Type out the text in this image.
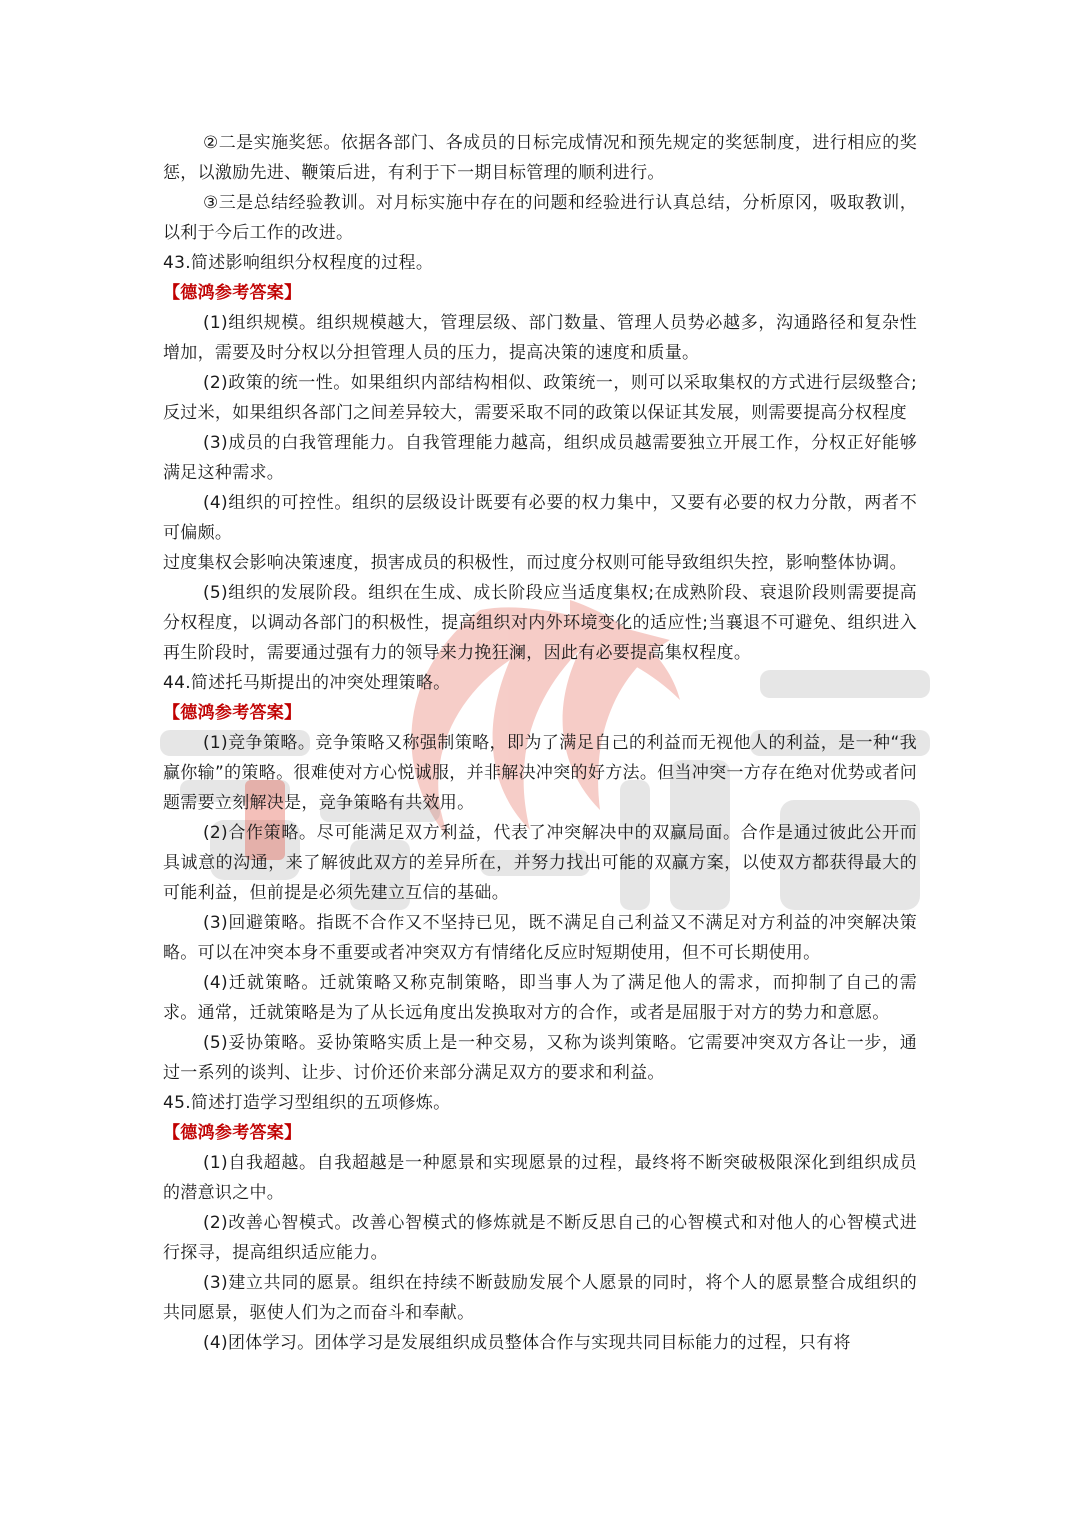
②二是实施奖惩。依据各部门、各成员的日标完成情况和预先规定的奖惩制度，进行相应的奖惩，以激励先进、鞭策后进，有利于下一期目标管理的顺利进行。

③三是总结经验教训。对月标实施中存在的问题和经验进行认真总结，分析原冈，吸取教训，以利于今后工作的改进。

43.简述影响组织分权程度的过程。

【德鸿参考答案】

(1)组织规模。组织规模越大，管理层级、部门数量、管理人员势必越多，沟通路径和复杂性增加，需要及时分权以分担管理人员的压力，提高决策的速度和质量。

(2)政策的统一性。如果组织内部结构相似、政策统一，则可以采取集权的方式进行层级整合;反过米，如果组织各部门之间差异较大，需要采取不同的政策以保证其发展，则需要提高分权程度

(3)成员的白我管理能力。自我管理能力越高，组织成员越需要独立开展工作，分权正好能够满足这种需求。

(4)组织的可控性。组织的层级设计既要有必要的权力集中，又要有必要的权力分散，两者不可偏颇。

过度集权会影响决策速度，损害成员的积极性，而过度分权则可能导致组织失控，影响整体协调。

(5)组织的发展阶段。组织在生成、成长阶段应当适度集权;在成熟阶段、衰退阶段则需要提高分权程度，以调动各部门的积极性，提高组织对内外环境变化的适应性;当襄退不可避免、组织进入再生阶段时，需要通过强有力的领导来力挽狂澜，因此有必要提高集权程度。

44.简述托马斯提出的冲突处理策略。

【德鸿参考答案】

(1)竞争策略。竞争策略又称强制策略，即为了满足自己的利益而无视他人的利益，是一种“我赢你输”的策略。很难使对方心悦诚服，并非解决冲突的好方法。但当冲突一方存在绝对优势或者问题需要立刻解决是，竞争策略有共效用。

(2)合作策略。尽可能满足双方利益，代表了冲突解决中的双赢局面。合作是通过彼此公开而具诚意的沟通，来了解彼此双方的差异所在，并努力找出可能的双赢方案，以使双方都获得最大的可能利益，但前提是必须先建立互信的基础。

(3)回避策略。指既不合作又不坚持已见，既不满足自己利益又不满足对方利益的冲突解决策略。可以在冲突本身不重要或者冲突双方有情绪化反应时短期使用，但不可长期使用。

(4)迁就策略。迁就策略又称克制策略，即当事人为了满足他人的需求，而抑制了自己的需求。通常，迁就策略是为了从长远角度出发换取对方的合作，或者是屈服于对方的势力和意愿。

(5)妥协策略。妥协策略实质上是一种交易，又称为谈判策略。它需要冲突双方各让一步，通过一系列的谈判、让步、讨价还价来部分满足双方的要求和利益。

45.简述打造学习型组织的五项修炼。

【德鸿参考答案】

(1)自我超越。自我超越是一种愿景和实现愿景的过程，最终将不断突破极限深化到组织成员的潜意识之中。

(2)改善心智模式。改善心智模式的修炼就是不断反思自己的心智模式和对他人的心智模式进行探寻，提高组织适应能力。

(3)建立共同的愿景。组织在持续不断鼓励发展个人愿景的同时，将个人的愿景整合成组织的共同愿景，驱使人们为之而奋斗和奉献。

(4)团体学习。团体学习是发展组织成员整体合作与实现共同目标能力的过程，只有将
